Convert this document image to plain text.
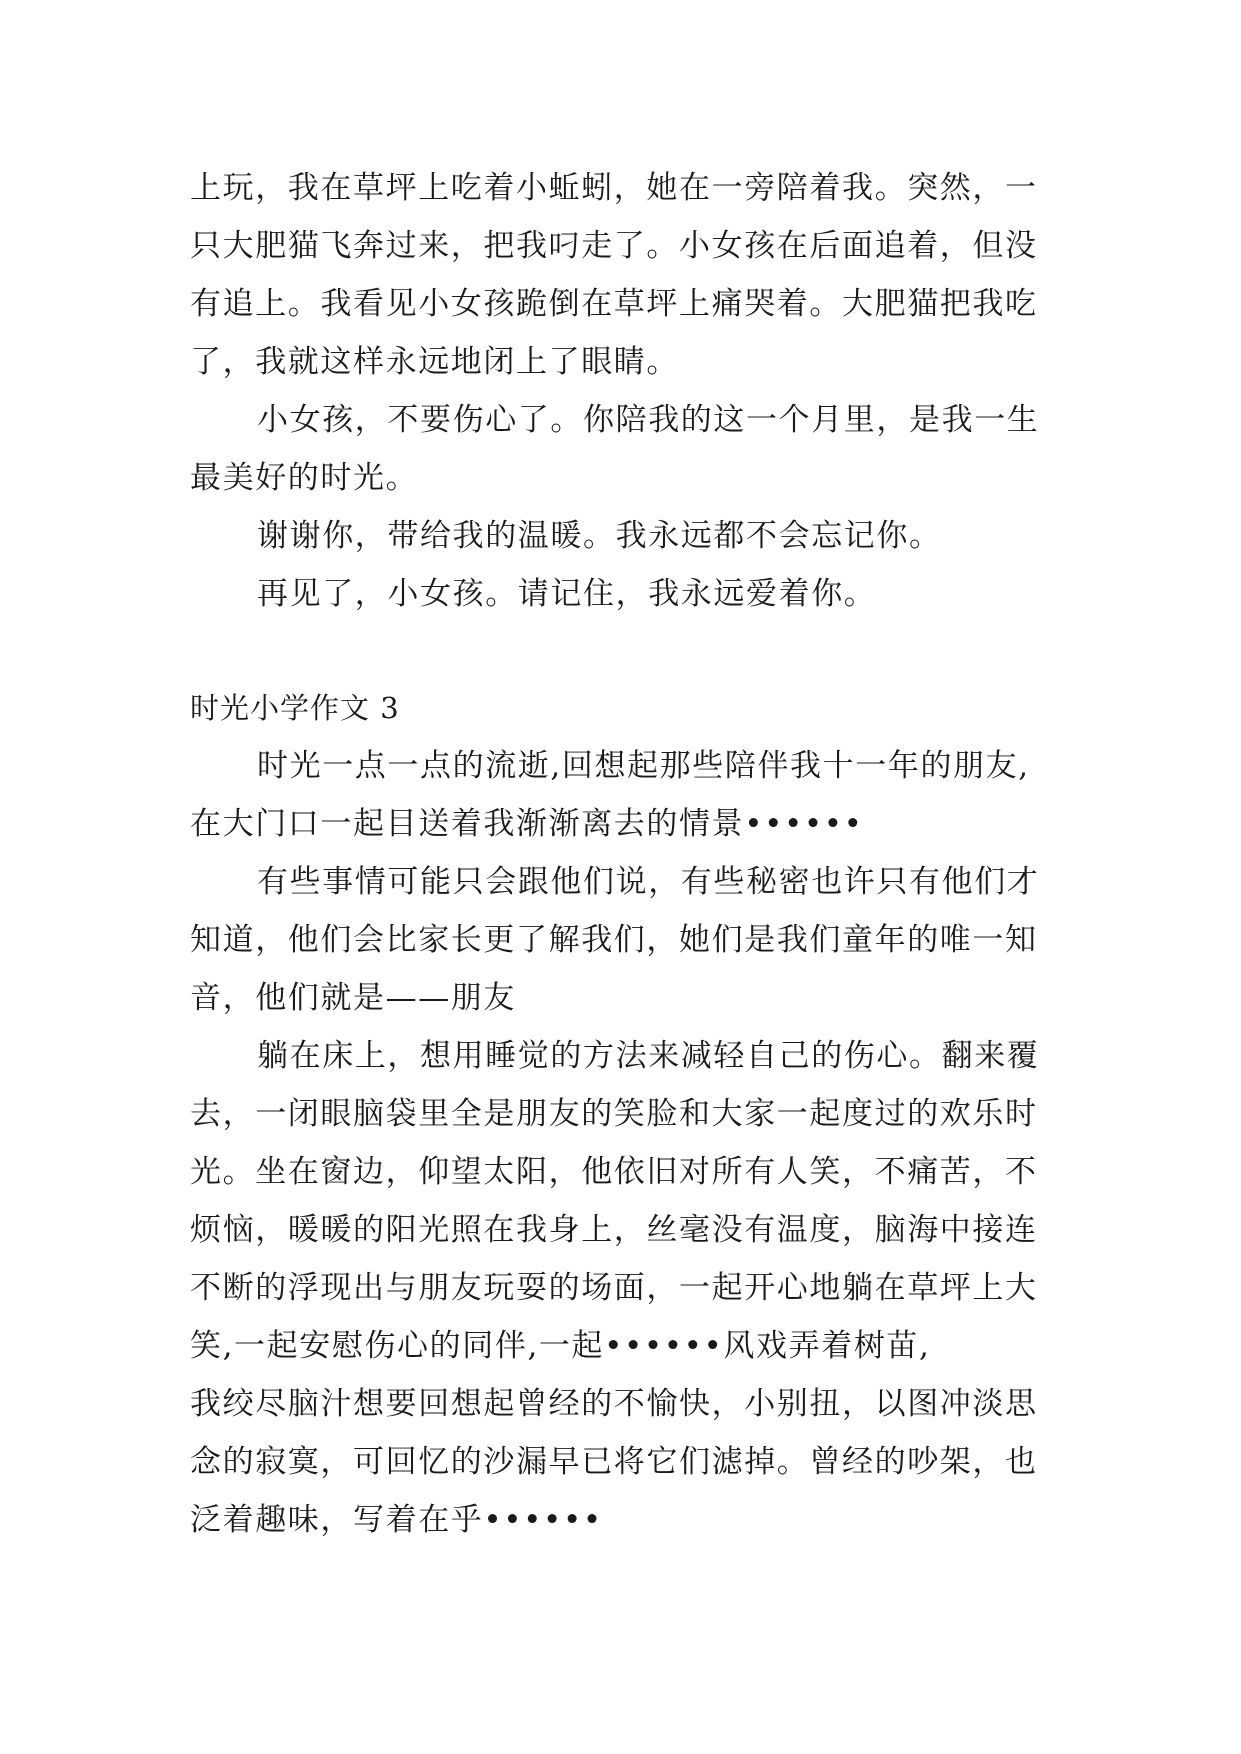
上玩，我在草坪上吃着小蚯蚓，她在一旁陪着我。突然，一
只大肥猫飞奔过来，把我叼走了。小女孩在后面追着，但没
有追上。我看见小女孩跪倒在草坪上痛哭着。大肥猫把我吃
了，我就这样永远地闭上了眼睛。
小女孩，不要伤心了。你陪我的这一个月里，是我一生
最美好的时光。
谢谢你，带给我的温暖。我永远都不会忘记你。
再见了，小女孩。请记住，我永远爱着你。
时光小学作文 3
时光一点一点的流逝,回想起那些陪伴我十一年的朋友,
在大门口一起目送着我渐渐离去的情景••••••
有些事情可能只会跟他们说，有些秘密也许只有他们才
知道，他们会比家长更了解我们，她们是我们童年的唯一知
音，他们就是——朋友
躺在床上，想用睡觉的方法来减轻自己的伤心。翻来覆
去，一闭眼脑袋里全是朋友的笑脸和大家一起度过的欢乐时
光。坐在窗边，仰望太阳，他依旧对所有人笑，不痛苦，不
烦恼，暖暖的阳光照在我身上，丝毫没有温度，脑海中接连
不断的浮现出与朋友玩耍的场面，一起开心地躺在草坪上大
笑,一起安慰伤心的同伴,一起••••••风戏弄着树苗,
我绞尽脑汁想要回想起曾经的不愉快，小别扭，以图冲淡思
念的寂寞，可回忆的沙漏早已将它们滤掉。曾经的吵架，也
泛着趣味，写着在乎••••••
